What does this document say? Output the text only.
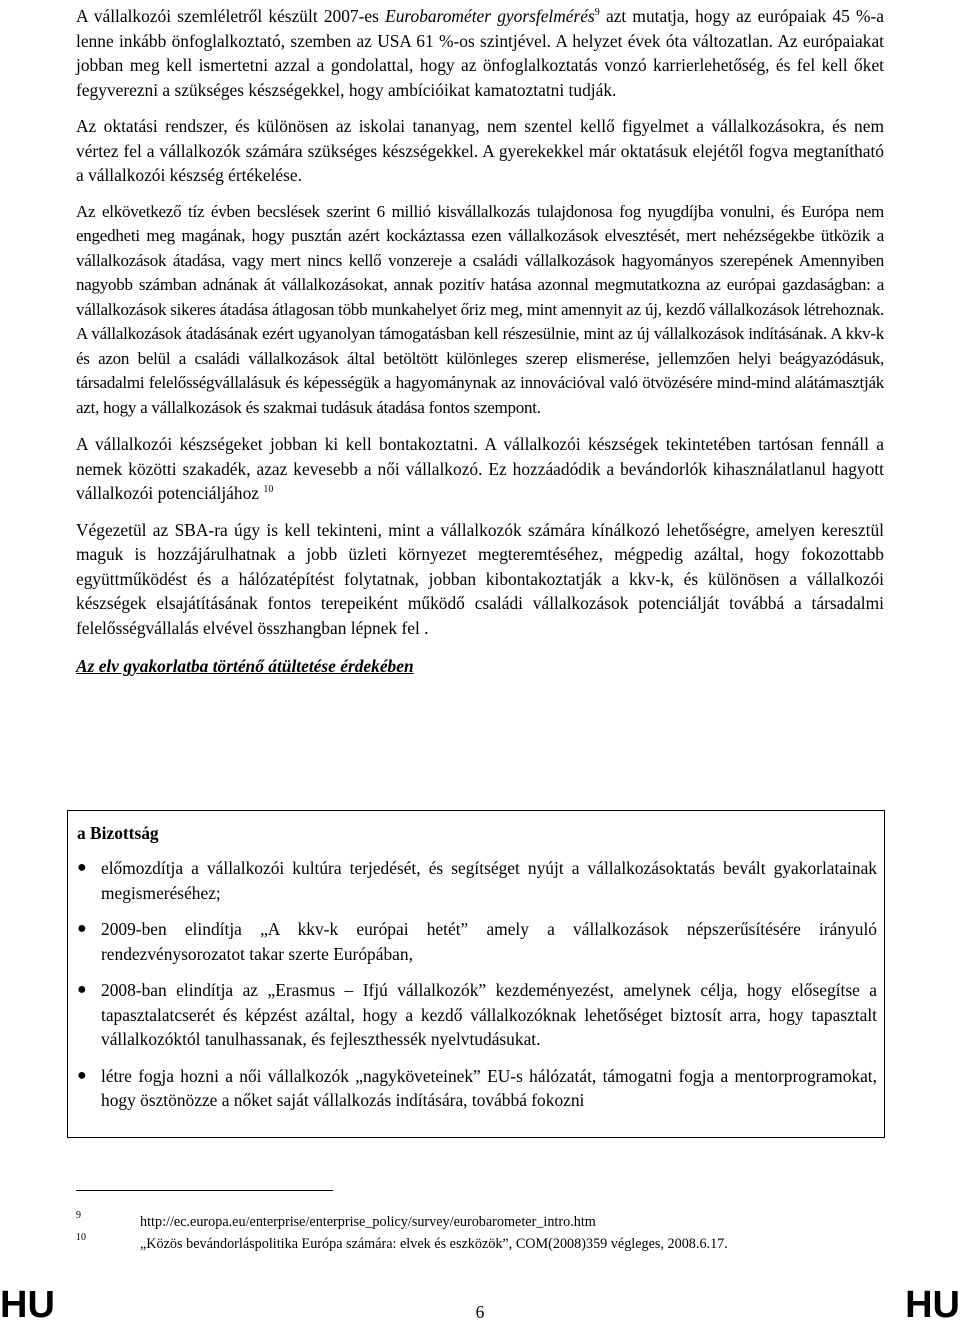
A vállalkozói szemléletről készült 2007-es Eurobarométer gyorsfelmérés$^9$ azt mutatja, hogy az európaiak 45 %-a lenne inkább önfoglalkoztató, szemben az USA 61 %-os szintjével. A helyzet évek óta változatlan. Az európaiakat jobban meg kell ismertetni azzal a gondolattal, hogy az önfoglalkoztatás vonzó karrierlehetőség, és fel kell őket fegyverezni a szükséges készségekkel, hogy ambícióikat kamatoztatni tudják.

Az oktatási rendszer, és különösen az iskolai tananyag, nem szentel kellő figyelmet a vállalkozásokra, és nem vértez fel a vállalkozók számára szükséges készségekkel. A gyerekekkel már oktatásuk elejétől fogva megtanítható a vállalkozói készség értékelése.

Az elkövetkező tíz évben becslések szerint 6 millió kisvállalkozás tulajdonosa fog nyugdíjba vonulni, és Európa nem engedheti meg magának, hogy pusztán azért kockáztassa ezen vállalkozások elvesztését, mert nehézségekbe ütközik a vállalkozások átadása, vagy mert nincs kellő vonzereje a családi vállalkozások hagyományos szerepének Amennyiben nagyobb számban adnának át vállalkozásokat, annak pozitív hatása azonnal megmutatkozna az európai gazdaságban: a vállalkozások sikeres átadása átlagosan több munkahelyet őriz meg, mint amennyit az új, kezdő vállalkozások létrehoznak. A vállalkozások átadásának ezért ugyanolyan támogatásban kell részesülnie, mint az új vállalkozások indításának. A kkv-k és azon belül a családi vállalkozások által betöltött különleges szerep elismerése, jellemzően helyi beágyazódásuk, társadalmi felelősségvállalásuk és képességük a hagyománynak az innovációval való ötvözésére mind-mind alátámasztják azt, hogy a vállalkozások és szakmai tudásuk átadása fontos szempont.

A vállalkozói készségeket jobban ki kell bontakoztatni. A vállalkozói készségek tekintetében tartósan fennáll a nemek közötti szakadék, azaz kevesebb a női vállalkozó. Ez hozzáadódik a bevándorlók kihasználatlanul hagyott vállalkozói potenciáljához $^{10}$

Végezetül az SBA-ra úgy is kell tekinteni, mint a vállalkozók számára kínálkozó lehetőségre, amelyen keresztül maguk is hozzájárulhatnak a jobb üzleti környezet megteremtéséhez, mégpedig azáltal, hogy fokozottabb együttműködést és a hálózatépítést folytatnak, jobban kibontakoztatják a kkv-k, és különösen a vállalkozói készségek elsajátításának fontos terepeiként működő családi vállalkozások potenciálját továbbá a társadalmi felelősségvállalás elvével összhangban lépnek fel .

Az elv gyakorlatba történő átültetése érdekében
a Bizottság
● előmozdítja a vállalkozói kultúra terjedését, és segítséget nyújt a vállalkozásoktatás bevált gyakorlatainak megismeréséhez;
● 2009-ben elindítja „A kkv-k európai hetét” amely a vállalkozások népszerűsítésére irányuló rendezvénysorozatot takar szerte Európában,
● 2008-ban elindítja az „Erasmus – Ifjú vállalkozók” kezdeményezést, amelynek célja, hogy elősegítse a tapasztalatcserét és képzést azáltal, hogy a kezdő vállalkozóknak lehetőséget biztosít arra, hogy tapasztalt vállalkozóktól tanulhassanak, és fejleszthessék nyelvtudásukat.
● létre fogja hozni a női vállalkozók „nagyköveteinek” EU-s hálózatát, támogatni fogja a mentorprogramokat, hogy ösztönözze a nőket saját vállalkozás indítására, továbbá fokozni
9	http://ec.europa.eu/enterprise/enterprise_policy/survey/eurobarometer_intro.htm
10	„Közös bevándorláspolitika Európa számára: elvek és eszközök”, COM(2008)359 végleges, 2008.6.17.
HU	6	HU
